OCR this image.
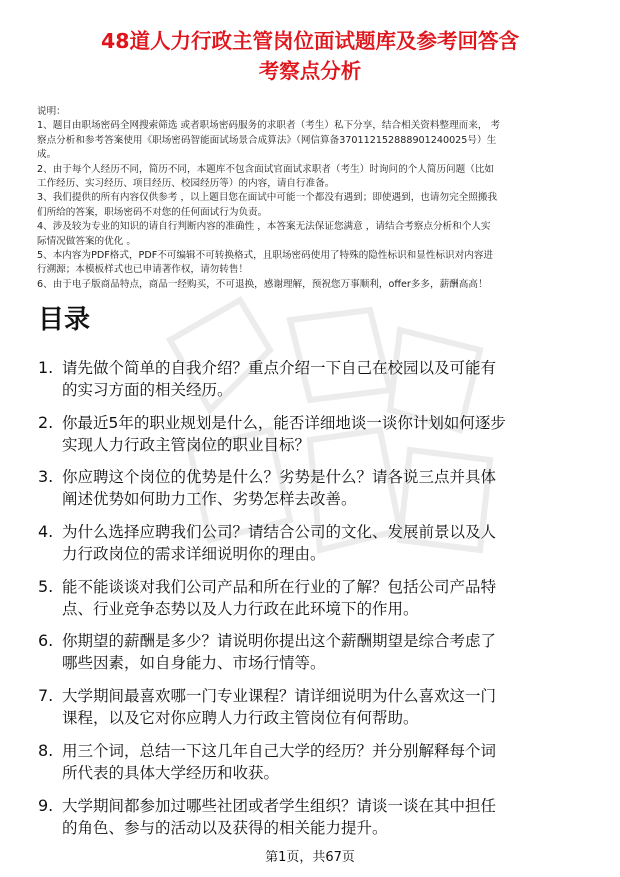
48道人力行政主管岗位面试题库及参考回答含
考察点分析
说明：
1、题目由职场密码全网搜索筛选 或者职场密码服务的求职者（考生）私下分享，结合相关资料整理而来， 考
察点分析和参考答案使用《职场密码智能面试场景合成算法》（网信算备370112152888901240025号）生
成。
2、由于每个人经历不同，简历不同，本题库不包含面试官面试求职者（考生）时询问的个人简历问题（比如
工作经历、实习经历、项目经历、校园经历等）的内容，请自行准备。
3、我们提供的所有内容仅供参考 ，以上题目您在面试中可能一个都没有遇到；即使遇到，也请勿完全照搬我
们所给的答案，职场密码不对您的任何面试行为负责。
4、涉及较为专业的知识的请自行判断内容的准确性 ，本答案无法保证您满意 ，请结合考察点分析和个人实
际情况做答案的优化 。
5、本内容为PDF格式，PDF不可编辑不可转换格式，且职场密码使用了特殊的隐性标识和显性标识对内容进
行溯源；本模板样式也已申请著作权，请勿转售！
6、由于电子版商品特点，商品一经购买，不可退换，感谢理解，预祝您万事顺利，offer多多，薪酬高高！
目录
1. 请先做个简单的自我介绍？重点介绍一下自己在校园以及可能有
的实习方面的相关经历。
2. 你最近5年的职业规划是什么，能否详细地谈一谈你计划如何逐步
实现人力行政主管岗位的职业目标？
3. 你应聘这个岗位的优势是什么？劣势是什么？请各说三点并具体
阐述优势如何助力工作、劣势怎样去改善。
4. 为什么选择应聘我们公司？请结合公司的文化、发展前景以及人
力行政岗位的需求详细说明你的理由。
5. 能不能谈谈对我们公司产品和所在行业的了解？包括公司产品特
点、行业竞争态势以及人力行政在此环境下的作用。
6. 你期望的薪酬是多少？请说明你提出这个薪酬期望是综合考虑了
哪些因素，如自身能力、市场行情等。
7. 大学期间最喜欢哪一门专业课程？请详细说明为什么喜欢这一门
课程，以及它对你应聘人力行政主管岗位有何帮助。
8. 用三个词，总结一下这几年自己大学的经历？并分别解释每个词
所代表的具体大学经历和收获。
9. 大学期间都参加过哪些社团或者学生组织？请谈一谈在其中担任
的角色、参与的活动以及获得的相关能力提升。
第1页，共67页
